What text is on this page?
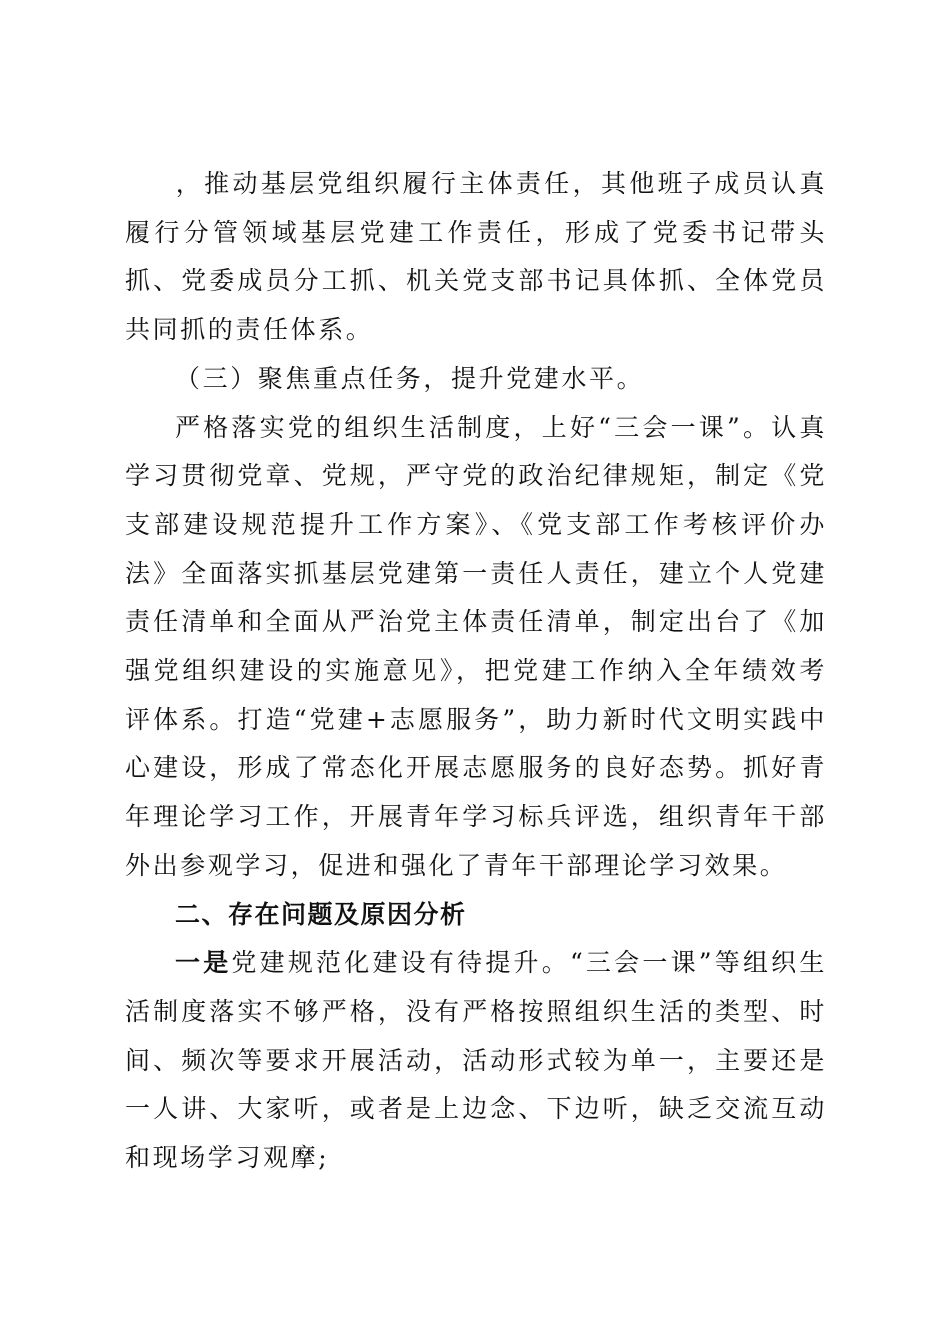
，推动基层党组织履行主体责任，其他班子成员认真履行分管领域基层党建工作责任，形成了党委书记带头抓、党委成员分工抓、机关党支部书记具体抓、全体党员共同抓的责任体系。

（三）聚焦重点任务，提升党建水平。

严格落实党的组织生活制度，上好“三会一课”。认真学习贯彻党章、党规，严守党的政治纪律规矩，制定《党支部建设规范提升工作方案》、《党支部工作考核评价办法》全面落实抓基层党建第一责任人责任，建立个人党建责任清单和全面从严治党主体责任清单，制定出台了《加强党组织建设的实施意见》，把党建工作纳入全年绩效考评体系。打造“党建+志愿服务”，助力新时代文明实践中心建设，形成了常态化开展志愿服务的良好态势。抓好青年理论学习工作，开展青年学习标兵评选，组织青年干部外出参观学习，促进和强化了青年干部理论学习效果。

二、存在问题及原因分析

一是党建规范化建设有待提升。“三会一课”等组织生活制度落实不够严格，没有严格按照组织生活的类型、时间、频次等要求开展活动，活动形式较为单一，主要还是一人讲、大家听，或者是上边念、下边听，缺乏交流互动和现场学习观摩;
